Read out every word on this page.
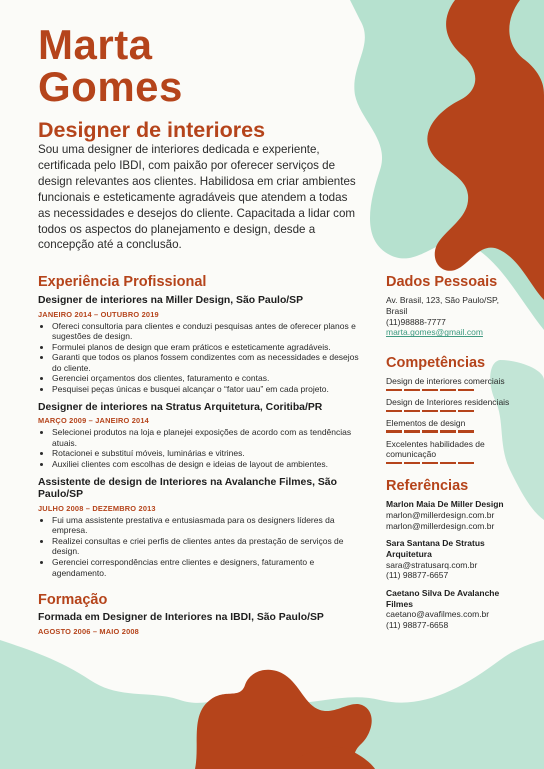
Marta
Gomes
Designer de interiores
Sou uma designer de interiores dedicada e experiente, certificada pelo IBDI, com paixão por oferecer serviços de design relevantes aos clientes. Habilidosa em criar ambientes funcionais e esteticamente agradáveis que atendem a todas as necessidades e desejos do cliente. Capacitada a lidar com todos os aspectos do planejamento e design, desde a concepção até a conclusão.
Experiência Profissional
Designer de interiores na Miller Design, São Paulo/SP
JANEIRO 2014 – OUTUBRO 2019
• Ofereci consultoria para clientes e conduzi pesquisas antes de oferecer planos e sugestões de design.
• Formulei planos de design que eram práticos e esteticamente agradáveis.
• Garanti que todos os planos fossem condizentes com as necessidades e desejos do cliente.
• Gerenciei orçamentos dos clientes, faturamento e contas.
• Pesquisei peças únicas e busquei alcançar o “fator uau” em cada projeto.
Designer de interiores na Stratus Arquitetura, Coritiba/PR
MARÇO 2009 – JANEIRO 2014
• Selecionei produtos na loja e planejei exposições de acordo com as tendências atuais.
• Rotacionei e substituí móveis, luminárias e vitrines.
• Auxiliei clientes com escolhas de design e ideias de layout de ambientes.
Assistente de design de Interiores na Avalanche Filmes, São Paulo/SP
JULHO 2008 – DEZEMBRO 2013
• Fui uma assistente prestativa e entusiasmada para os designers líderes da empresa.
• Realizei consultas e criei perfis de clientes antes da prestação de serviços de design.
• Gerenciei correspondências entre clientes e designers, faturamento e agendamento.
Formação
Formada em Designer de Interiores na IBDI, São Paulo/SP
AGOSTO 2006 – MAIO 2008
Dados Pessoais
Av. Brasil, 123, São Paulo/SP, Brasil
(11)98888-7777
marta.gomes@gmail.com
Competências
Design de interiores comerciais
Design de Interiores residenciais
Elementos de design
Excelentes habilidades de comunicação
Referências
Marlon Maia De Miller Design
marlon@millerdesign.com.br
marlon@millerdesign.com.br
Sara Santana De Stratus Arquitetura
sara@stratusarq.com.br
(11) 98877-6657
Caetano Silva De Avalanche Filmes
caetano@avafilmes.com.br
(11) 98877-6658
